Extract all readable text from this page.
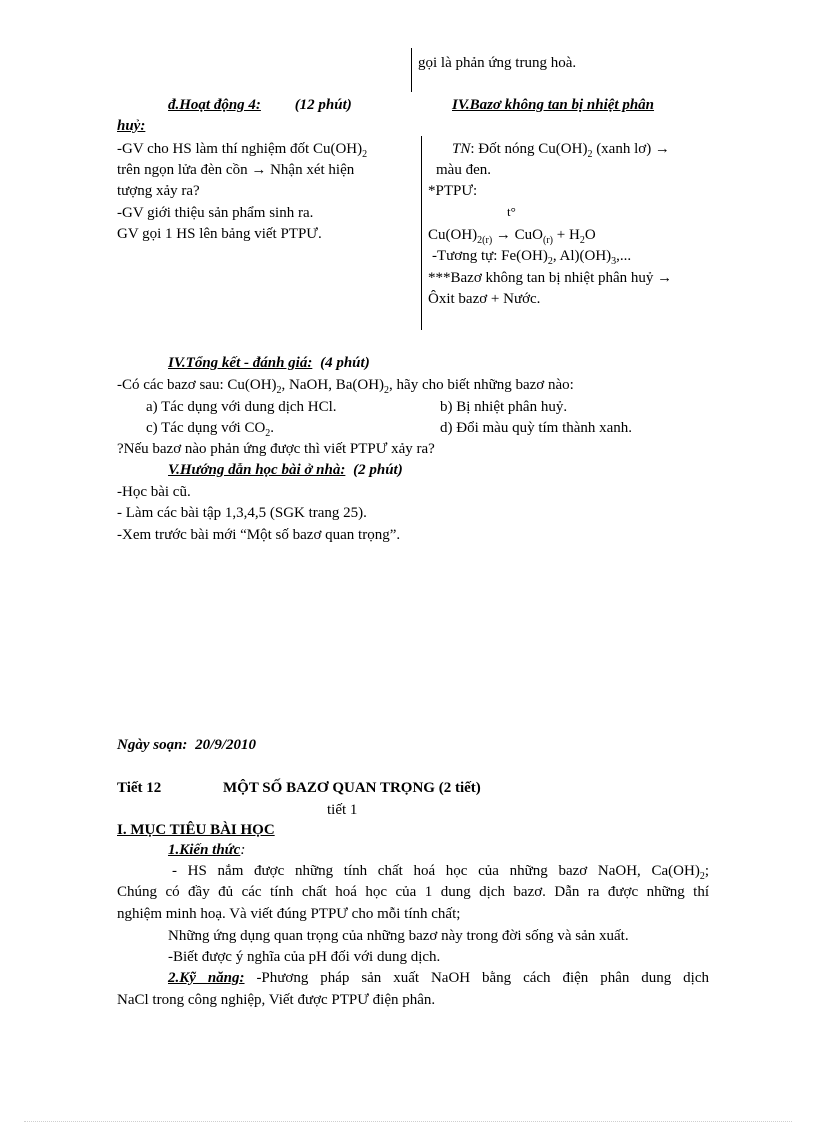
gọi là phản ứng trung hoà.
đ.Hoạt động 4: (12 phút)	IV.Bazơ không tan bị nhiệt phân
huỷ:
-GV cho HS làm thí nghiệm đốt $Cu(OH)_2$
trên ngọn lửa đèn cồn → Nhận xét hiện
tượng xảy ra?
-GV giới thiệu sản phẩm sinh ra.
GV gọi 1 HS lên bảng viết PTPƯ.
TN: Đốt nóng $Cu(OH)_2$ (xanh lơ) →
màu đen.
*PTPƯ:
t°
$Cu(OH)_{2(r)} \to CuO_{(r)} + H_2O$
-Tương tự: $Fe(OH)_2$, $Al)(OH)_3$,...
***Bazơ không tan bị nhiệt phân huỷ →
Ôxit bazơ + Nước.
IV.Tổng kết - đánh giá: (4 phút)
-Có các bazơ sau: $Cu(OH)_2$, NaOH, $Ba(OH)_2$, hãy cho biết những bazơ nào:
a) Tác dụng với dung dịch HCl.	b) Bị nhiệt phân huỷ.
c) Tác dụng với $CO_2$.	d) Đổi màu quỳ tím thành xanh.
?Nếu bazơ nào phản ứng được thì viết PTPƯ xảy ra?
V.Hướng dẫn học bài ở nhà: (2 phút)
-Học bài cũ.
- Làm các bài tập 1,3,4,5 (SGK trang 25).
-Xem trước bài mới “Một số bazơ quan trọng”.
Ngày soạn: 20/9/2010
Tiết 12	MỘT SỐ BAZƠ QUAN TRỌNG (2 tiết)
tiết 1
I. MỤC TIÊU BÀI HỌC
1.Kiến thức:
- HS nắm được những tính chất hoá học của những bazơ NaOH, $Ca(OH)_2$;
Chúng có đầy đủ các tính chất hoá học của 1 dung dịch bazơ. Dẫn ra được những thí
nghiệm minh hoạ. Và viết đúng PTPƯ cho mỗi tính chất;
Những ứng dụng quan trọng của những bazơ này trong đời sống và sản xuất.
-Biết được ý nghĩa của pH đối với dung dịch.
2.Kỹ năng: -Phương pháp sản xuất NaOH bằng cách điện phân dung dịch
NaCl trong công nghiệp, Viết được PTPƯ điện phân.
